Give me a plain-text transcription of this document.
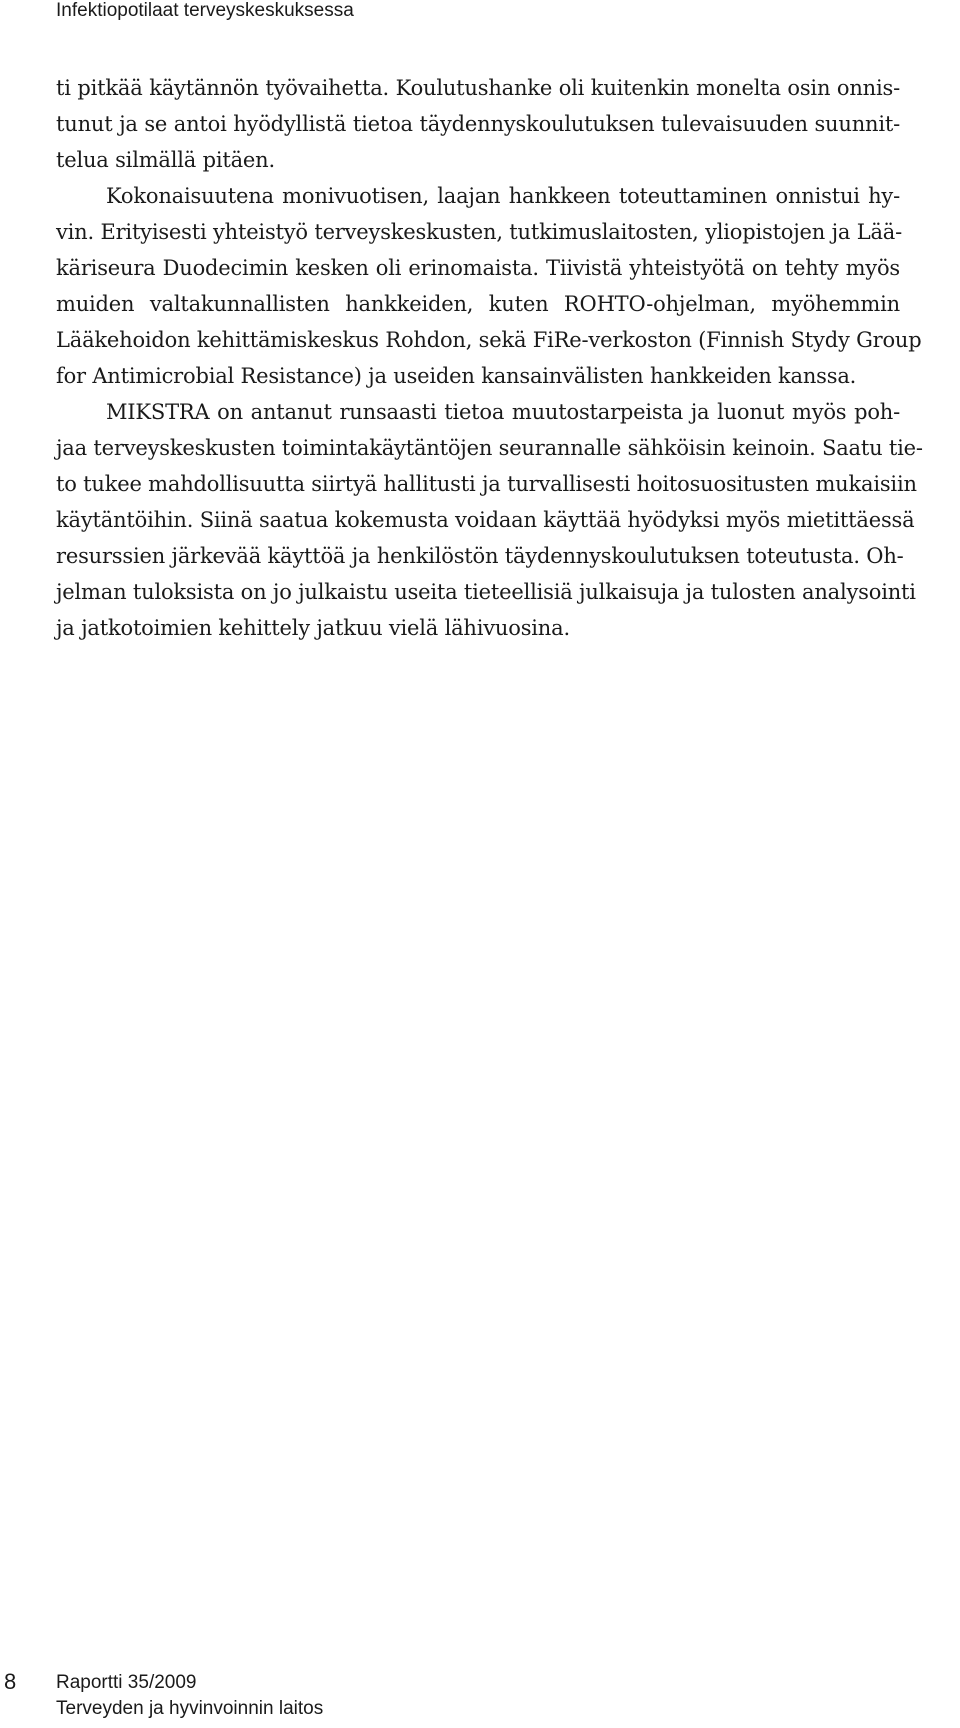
Infektiopotilaat terveyskeskuksessa
ti pitkää käytännön työvaihetta. Koulutushanke oli kuitenkin monelta osin onnis-
tunut ja se antoi hyödyllistä tietoa täydennyskoulutuksen tulevaisuuden suunnit-
telua silmällä pitäen.
Kokonaisuutena monivuotisen, laajan hankkeen toteuttaminen onnistui hy-
vin. Erityisesti yhteistyö terveyskeskusten, tutkimuslaitosten, yliopistojen ja Lää-
käriseura Duodecimin kesken oli erinomaista. Tiivistä yhteistyötä on tehty myös
muiden valtakunnallisten hankkeiden, kuten ROHTO-ohjelman, myöhemmin
Lääkehoidon kehittämiskeskus Rohdon, sekä FiRe-verkoston (Finnish Stydy Group
for Antimicrobial Resistance) ja useiden kansainvälisten hankkeiden kanssa.
MIKSTRA on antanut runsaasti tietoa muutostarpeista ja luonut myös poh-
jaa terveyskeskusten toimintakäytäntöjen seurannalle sähköisin keinoin. Saatu tie-
to tukee mahdollisuutta siirtyä hallitusti ja turvallisesti hoitosuositusten mukaisiin
käytäntöihin. Siinä saatua kokemusta voidaan käyttää hyödyksi myös mietittäessä
resurssien järkevää käyttöä ja henkilöstön täydennyskoulutuksen toteutusta. Oh-
jelman tuloksista on jo julkaistu useita tieteellisiä julkaisuja ja tulosten analysointi
ja jatkotoimien kehittely jatkuu vielä lähivuosina.
8 Raportti 35/2009
Terveyden ja hyvinvoinnin laitos
